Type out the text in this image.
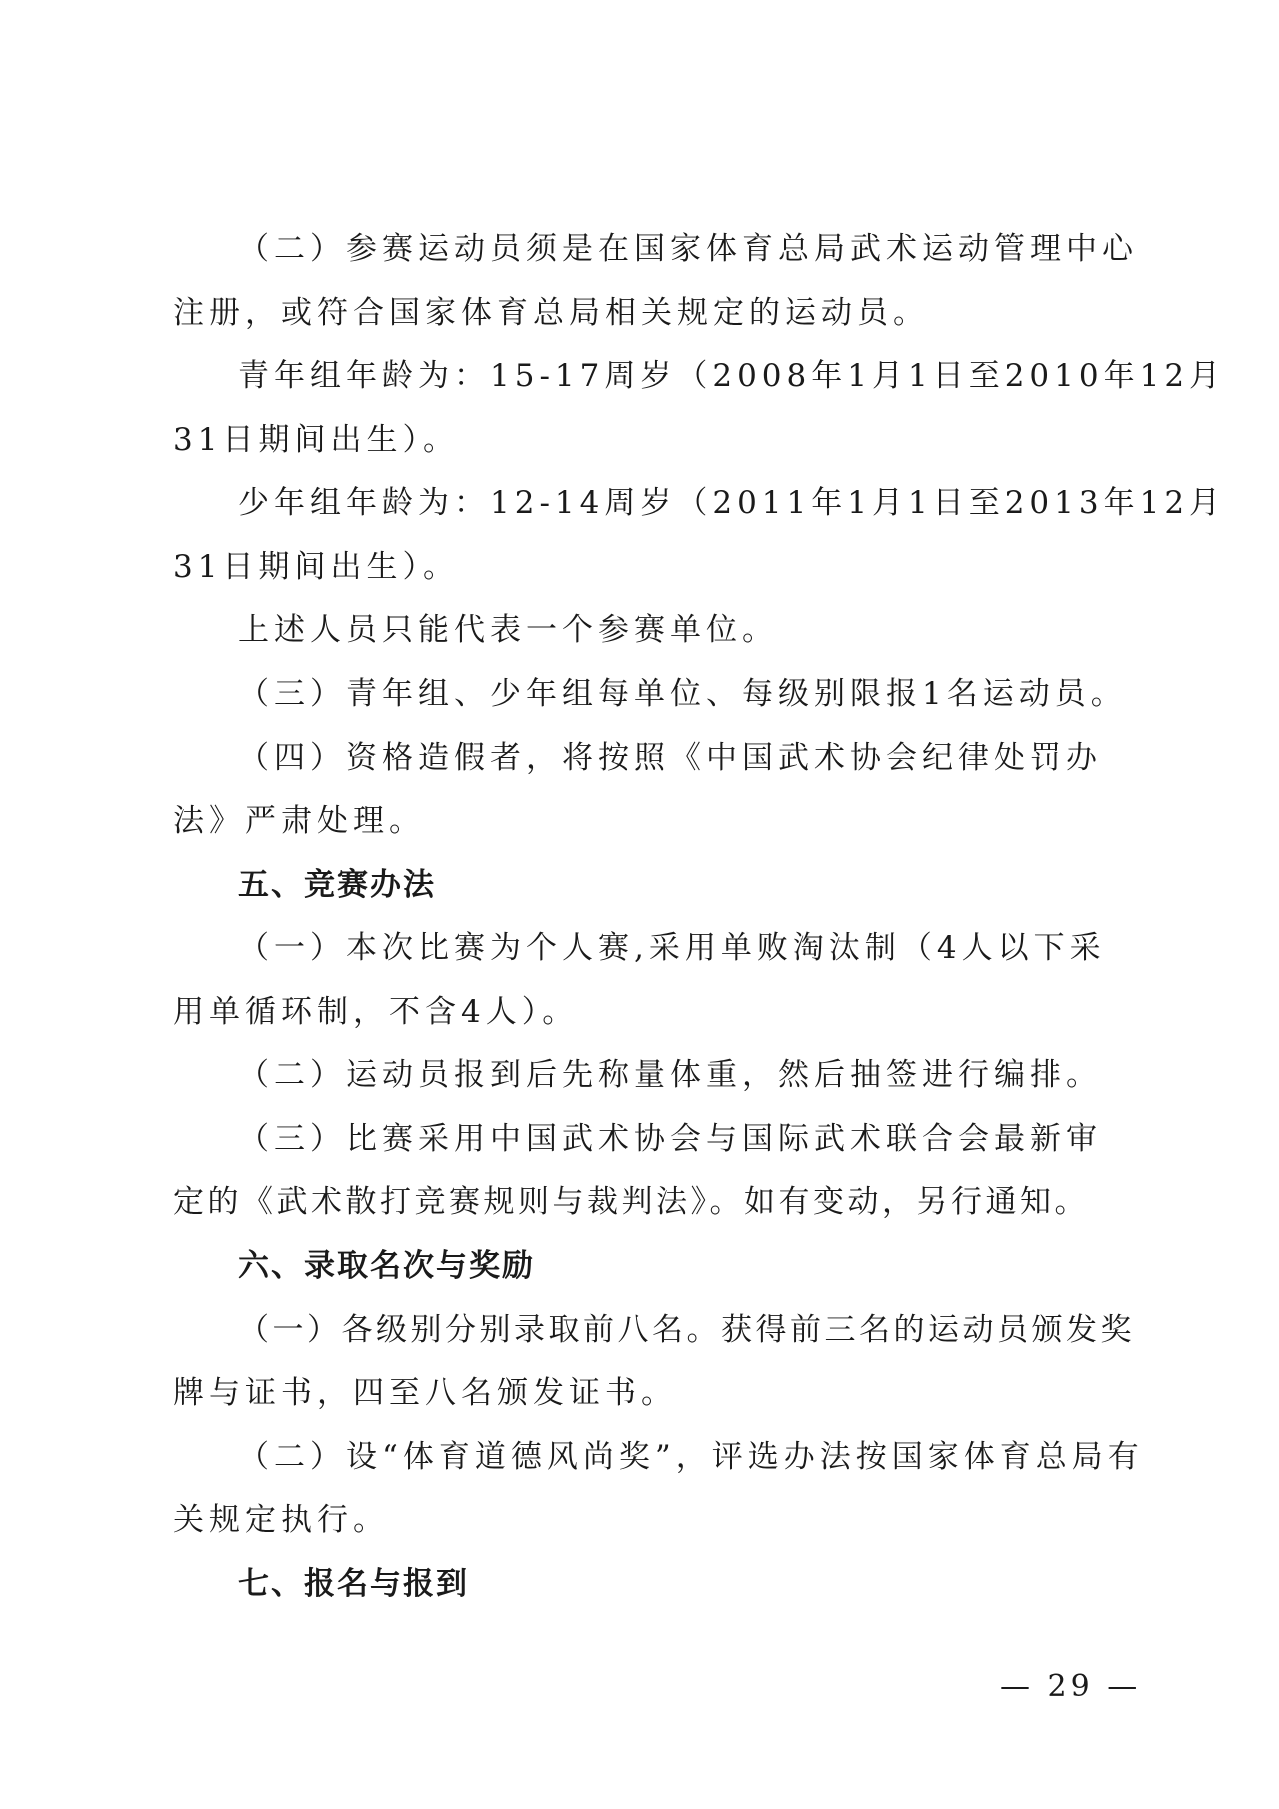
（二）参赛运动员须是在国家体育总局武术运动管理中心
注册，或符合国家体育总局相关规定的运动员。
青年组年龄为：15-17周岁（2008年1月1日至2010年12月
31日期间出生）。
少年组年龄为：12-14周岁（2011年1月1日至2013年12月
31日期间出生）。
上述人员只能代表一个参赛单位。
（三）青年组、少年组每单位、每级别限报1名运动员。
（四）资格造假者，将按照《中国武术协会纪律处罚办
法》严肃处理。
五、竞赛办法
（一）本次比赛为个人赛,采用单败淘汰制（4人以下采
用单循环制，不含4人）。
（二）运动员报到后先称量体重，然后抽签进行编排。
（三）比赛采用中国武术协会与国际武术联合会最新审
定的《武术散打竞赛规则与裁判法》。如有变动，另行通知。
六、录取名次与奖励
（一）各级别分别录取前八名。获得前三名的运动员颁发奖
牌与证书，四至八名颁发证书。
（二）设“体育道德风尚奖”，评选办法按国家体育总局有
关规定执行。
七、报名与报到
— 29 —
